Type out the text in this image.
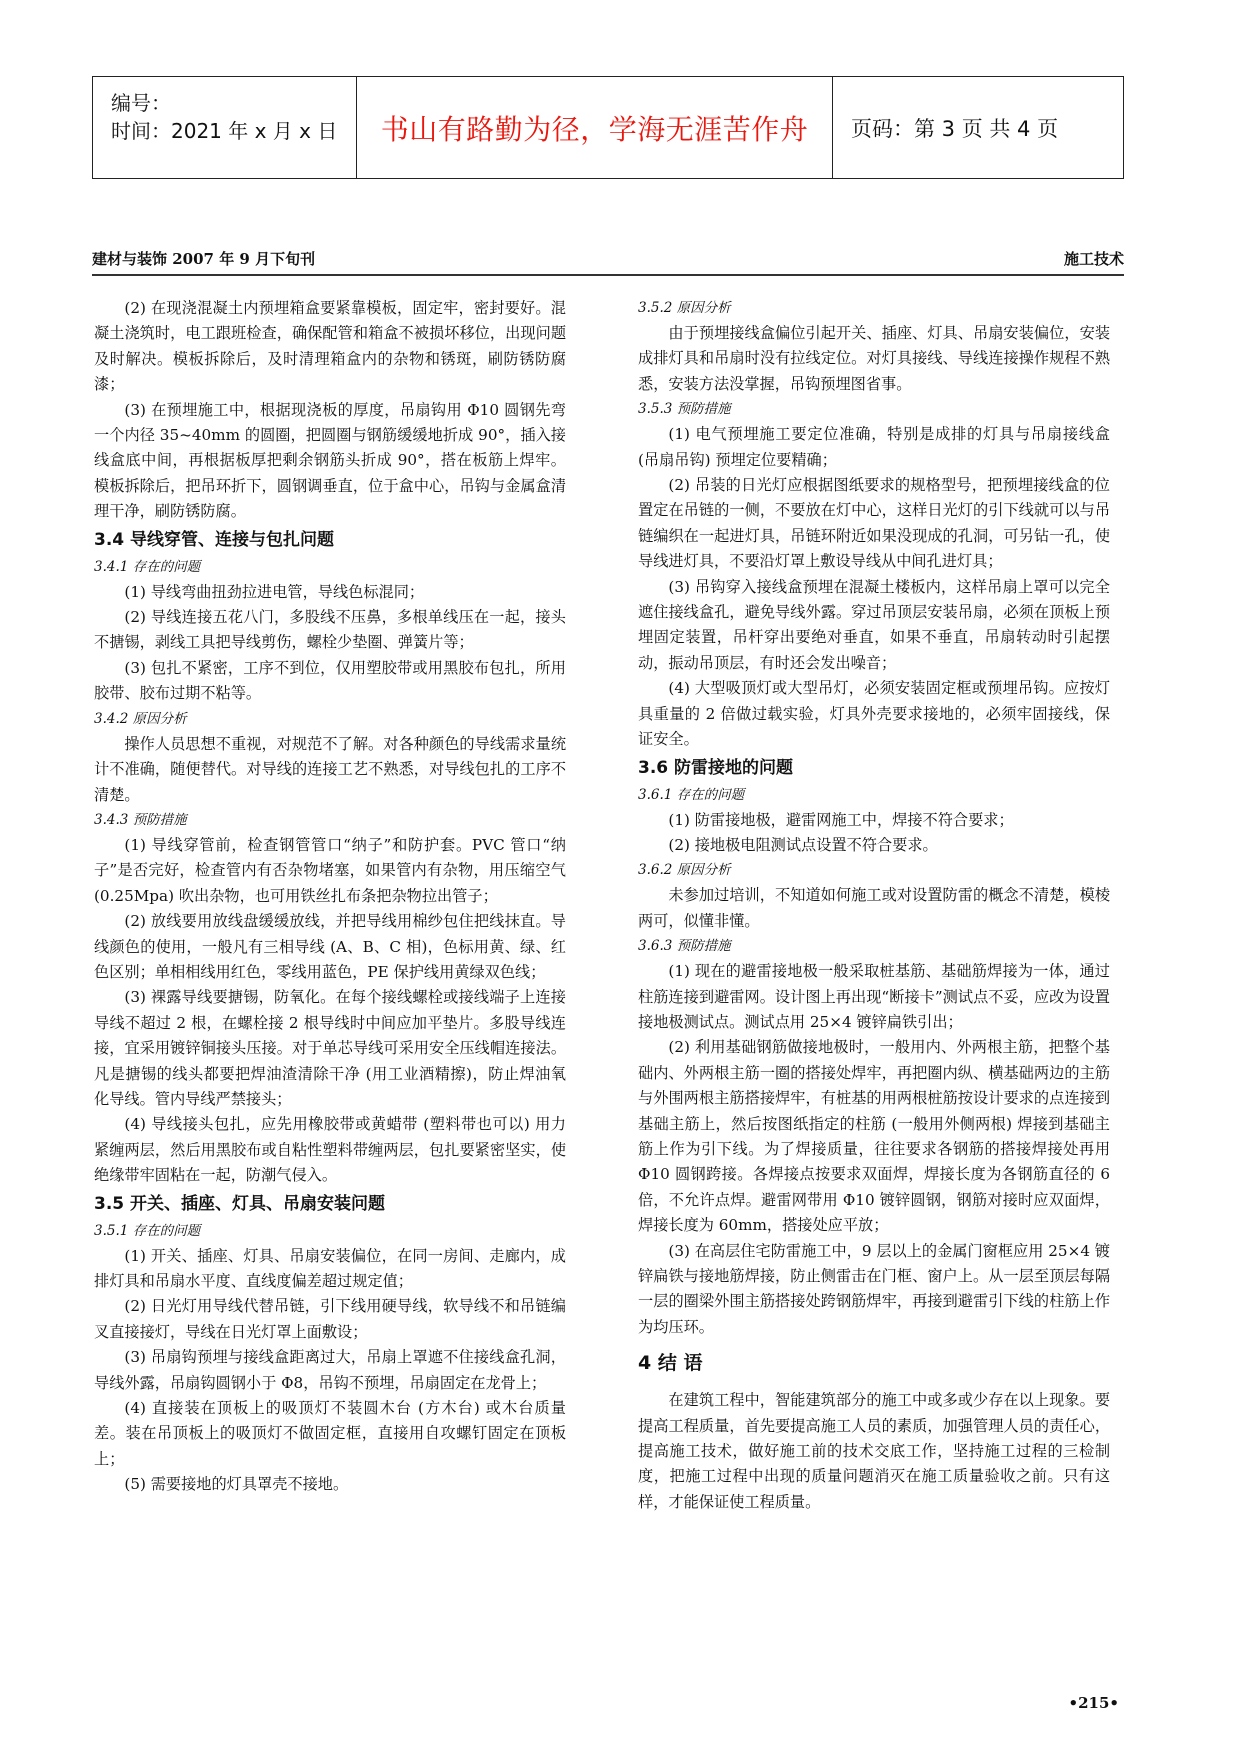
编号：
时间：2021 年 x 月 x 日	书山有路勤为径，学海无涯苦作舟	页码：第 3 页 共 4 页
建材与装饰 2007 年 9 月下旬刊	施工技术

(2) 在现浇混凝土内预埋箱盒要紧靠模板，固定牢，密封要好。混凝土浇筑时，电工跟班检查，确保配管和箱盒不被损坏移位，出现问题及时解决。模板拆除后，及时清理箱盒内的杂物和锈斑，刷防锈防腐漆；

(3) 在预埋施工中，根据现浇板的厚度，吊扇钩用 Φ10 圆钢先弯一个内径 35~40mm 的圆圈，把圆圈与钢筋缓缓地折成 90°，插入接线盒底中间，再根据板厚把剩余钢筋头折成 90°，搭在板筋上焊牢。模板拆除后，把吊环折下，圆钢调垂直，位于盒中心，吊钩与金属盒清理干净，刷防锈防腐。

3.4 导线穿管、连接与包扎问题

3.4.1 存在的问题

(1) 导线弯曲扭劲拉进电管，导线色标混同；

(2) 导线连接五花八门，多股线不压鼻，多根单线压在一起，接头不搪锡，剥线工具把导线剪伤，螺栓少垫圈、弹簧片等；

(3) 包扎不紧密，工序不到位，仅用塑胶带或用黑胶布包扎，所用胶带、胶布过期不粘等。

3.4.2 原因分析

操作人员思想不重视，对规范不了解。对各种颜色的导线需求量统计不准确，随便替代。对导线的连接工艺不熟悉，对导线包扎的工序不清楚。

3.4.3 预防措施

(1) 导线穿管前，检查钢管管口“纳子”和防护套。PVC 管口“纳子”是否完好，检查管内有否杂物堵塞，如果管内有杂物，用压缩空气 (0.25Mpa) 吹出杂物，也可用铁丝扎布条把杂物拉出管子；

(2) 放线要用放线盘缓缓放线，并把导线用棉纱包住把线抹直。导线颜色的使用，一般凡有三相导线 (A、B、C 相)，色标用黄、绿、红色区别；单相相线用红色，零线用蓝色，PE 保护线用黄绿双色线；

(3) 裸露导线要搪锡，防氧化。在每个接线螺栓或接线端子上连接导线不超过 2 根，在螺栓接 2 根导线时中间应加平垫片。多股导线连接，宜采用镀锌铜接头压接。对于单芯导线可采用安全压线帽连接法。凡是搪锡的线头都要把焊油渣清除干净 (用工业酒精擦)，防止焊油氧化导线。管内导线严禁接头；

(4) 导线接头包扎，应先用橡胶带或黄蜡带 (塑料带也可以) 用力紧缠两层，然后用黑胶布或自粘性塑料带缠两层，包扎要紧密坚实，使绝缘带牢固粘在一起，防潮气侵入。

3.5 开关、插座、灯具、吊扇安装问题

3.5.1 存在的问题

(1) 开关、插座、灯具、吊扇安装偏位，在同一房间、走廊内，成排灯具和吊扇水平度、直线度偏差超过规定值；

(2) 日光灯用导线代替吊链，引下线用硬导线，软导线不和吊链编叉直接接灯，导线在日光灯罩上面敷设；

(3) 吊扇钩预埋与接线盒距离过大，吊扇上罩遮不住接线盒孔洞，导线外露，吊扇钩圆钢小于 Φ8，吊钩不预埋，吊扇固定在龙骨上；

(4) 直接装在顶板上的吸顶灯不装圆木台 (方木台) 或木台质量差。装在吊顶板上的吸顶灯不做固定框，直接用自攻螺钉固定在顶板上；

(5) 需要接地的灯具罩壳不接地。

3.5.2 原因分析

由于预埋接线盒偏位引起开关、插座、灯具、吊扇安装偏位，安装成排灯具和吊扇时没有拉线定位。对灯具接线、导线连接操作规程不熟悉，安装方法没掌握，吊钩预埋图省事。

3.5.3 预防措施

(1) 电气预埋施工要定位准确，特别是成排的灯具与吊扇接线盒 (吊扇吊钩) 预埋定位要精确；

(2) 吊装的日光灯应根据图纸要求的规格型号，把预埋接线盒的位置定在吊链的一侧，不要放在灯中心，这样日光灯的引下线就可以与吊链编织在一起进灯具，吊链环附近如果没现成的孔洞，可另钻一孔，使导线进灯具，不要沿灯罩上敷设导线从中间孔进灯具；

(3) 吊钩穿入接线盒预埋在混凝土楼板内，这样吊扇上罩可以完全遮住接线盒孔，避免导线外露。穿过吊顶层安装吊扇，必须在顶板上预埋固定装置，吊杆穿出要绝对垂直，如果不垂直，吊扇转动时引起摆动，振动吊顶层，有时还会发出噪音；

(4) 大型吸顶灯或大型吊灯，必须安装固定框或预埋吊钩。应按灯具重量的 2 倍做过载实验，灯具外壳要求接地的，必须牢固接线，保证安全。

3.6 防雷接地的问题

3.6.1 存在的问题

(1) 防雷接地极，避雷网施工中，焊接不符合要求；

(2) 接地极电阻测试点设置不符合要求。

3.6.2 原因分析

未参加过培训，不知道如何施工或对设置防雷的概念不清楚，模棱两可，似懂非懂。

3.6.3 预防措施

(1) 现在的避雷接地极一般采取桩基筋、基础筋焊接为一体，通过柱筋连接到避雷网。设计图上再出现“断接卡”测试点不妥，应改为设置接地极测试点。测试点用 25×4 镀锌扁铁引出；

(2) 利用基础钢筋做接地极时，一般用内、外两根主筋，把整个基础内、外两根主筋一圈的搭接处焊牢，再把圈内纵、横基础两边的主筋与外围两根主筋搭接焊牢，有桩基的用两根桩筋按设计要求的点连接到基础主筋上，然后按图纸指定的柱筋 (一般用外侧两根) 焊接到基础主筋上作为引下线。为了焊接质量，往往要求各钢筋的搭接焊接处再用 Φ10 圆钢跨接。各焊接点按要求双面焊，焊接长度为各钢筋直径的 6 倍，不允许点焊。避雷网带用 Φ10 镀锌圆钢，钢筋对接时应双面焊，焊接长度为 60mm，搭接处应平放；

(3) 在高层住宅防雷施工中，9 层以上的金属门窗框应用 25×4 镀锌扁铁与接地筋焊接，防止侧雷击在门框、窗户上。从一层至顶层每隔一层的圈梁外围主筋搭接处跨钢筋焊牢，再接到避雷引下线的柱筋上作为均压环。

4 结 语

在建筑工程中，智能建筑部分的施工中或多或少存在以上现象。要提高工程质量，首先要提高施工人员的素质，加强管理人员的责任心，提高施工技术，做好施工前的技术交底工作，坚持施工过程的三检制度，把施工过程中出现的质量问题消灭在施工质量验收之前。只有这样，才能保证使工程质量。

•215•
